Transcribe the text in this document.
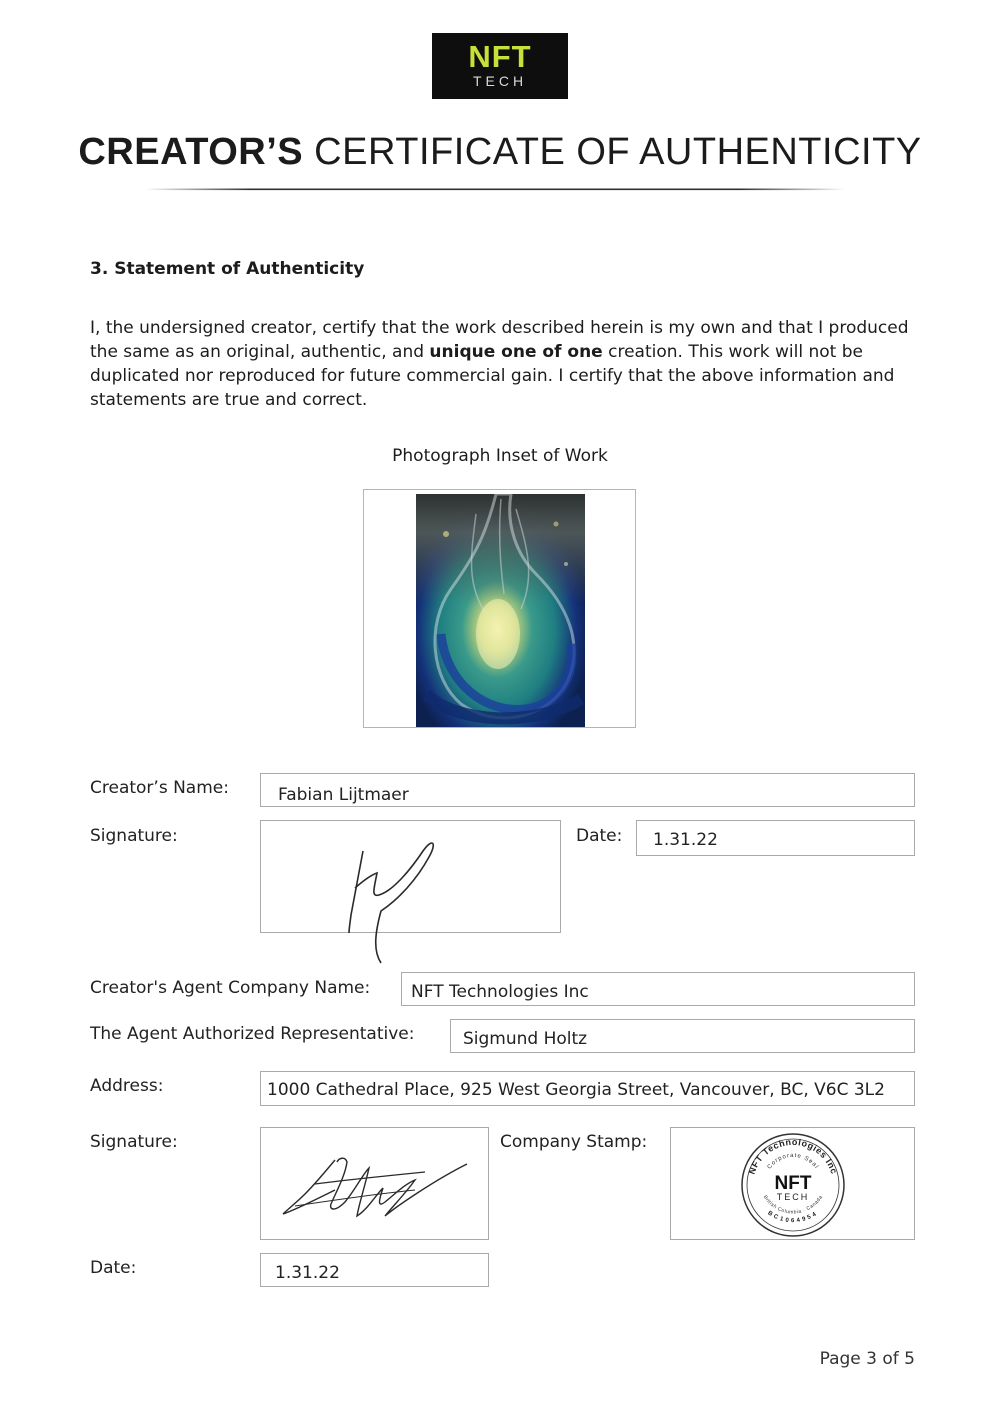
NFT
TECH
CREATOR’S CERTIFICATE OF AUTHENTICITY
3. Statement of Authenticity
I, the undersigned creator, certify that the work described herein is my own and that I produced the same as an original, authentic, and unique one of one creation. This work will not be duplicated nor reproduced for future commercial gain. I certify that the above information and statements are true and correct.
Photograph Inset of Work
Creator’s Name:	Fabian Lijtmaer
Signature:	Date: 1.31.22
Creator's Agent Company Name: NFT Technologies Inc
The Agent Authorized Representative:	Sigmund Holtz
Address:	1000 Cathedral Place, 925 West Georgia Street, Vancouver, BC, V6C 3L2
Signature:	Company Stamp:
NFT Technologies Inc
Corporate Seal
NFT
TECH
British Columbia · Canada
BC1064954
Date:	1.31.22
Page 3 of 5
